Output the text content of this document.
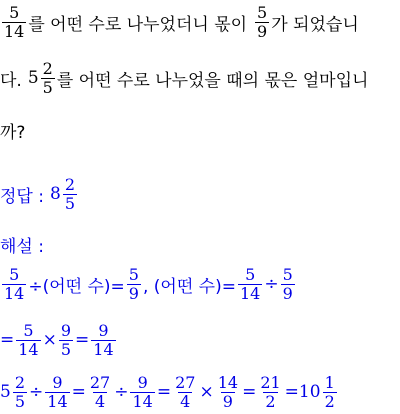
$\frac{5}{14}$ 를 어떤 수로 나누었더니 몫이 $\frac{5}{9}$ 가 되었습니
다. $5 \frac{2}{5}$ 를 어떤 수로 나누었을 때의 몫은 얼마입니
까?
정답 : $8 \frac{2}{5}$
해설 :
$\frac{5}{14}$ ÷(어떤 수)= $\frac{5}{9}$ , (어떤 수)= $\frac{5}{14} \div \frac{5}{9}$
= $\frac{5}{14} \times \frac{9}{5} = \frac{9}{14}$
$5 \frac{2}{5} \div \frac{9}{14} = \frac{27}{4} \div \frac{9}{14} = \frac{27}{4} \times \frac{14}{9} = \frac{21}{2} = 10 \frac{1}{2}$
